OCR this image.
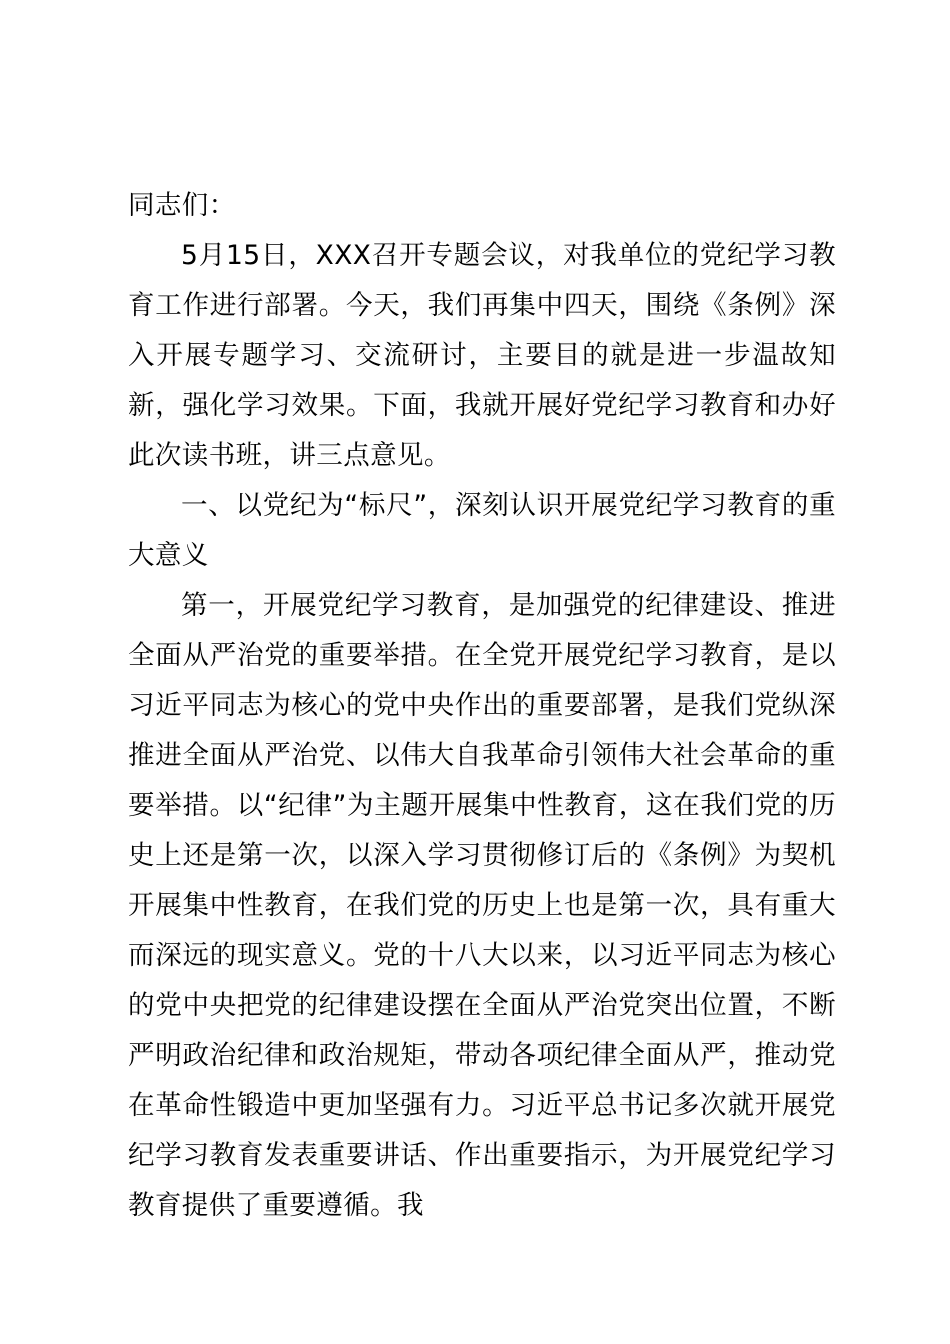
同志们：

5月15日，XXX召开专题会议，对我单位的党纪学习教育工作进行部署。今天，我们再集中四天，围绕《条例》深入开展专题学习、交流研讨，主要目的就是进一步温故知新，强化学习效果。下面，我就开展好党纪学习教育和办好此次读书班，讲三点意见。

一、以党纪为“标尺”，深刻认识开展党纪学习教育的重大意义

第一，开展党纪学习教育，是加强党的纪律建设、推进全面从严治党的重要举措。在全党开展党纪学习教育，是以习近平同志为核心的党中央作出的重要部署，是我们党纵深推进全面从严治党、以伟大自我革命引领伟大社会革命的重要举措。以“纪律”为主题开展集中性教育，这在我们党的历史上还是第一次，以深入学习贯彻修订后的《条例》为契机开展集中性教育，在我们党的历史上也是第一次，具有重大而深远的现实意义。党的十八大以来，以习近平同志为核心的党中央把党的纪律建设摆在全面从严治党突出位置，不断严明政治纪律和政治规矩，带动各项纪律全面从严，推动党在革命性锻造中更加坚强有力。习近平总书记多次就开展党纪学习教育发表重要讲话、作出重要指示，为开展党纪学习教育提供了重要遵循。我
